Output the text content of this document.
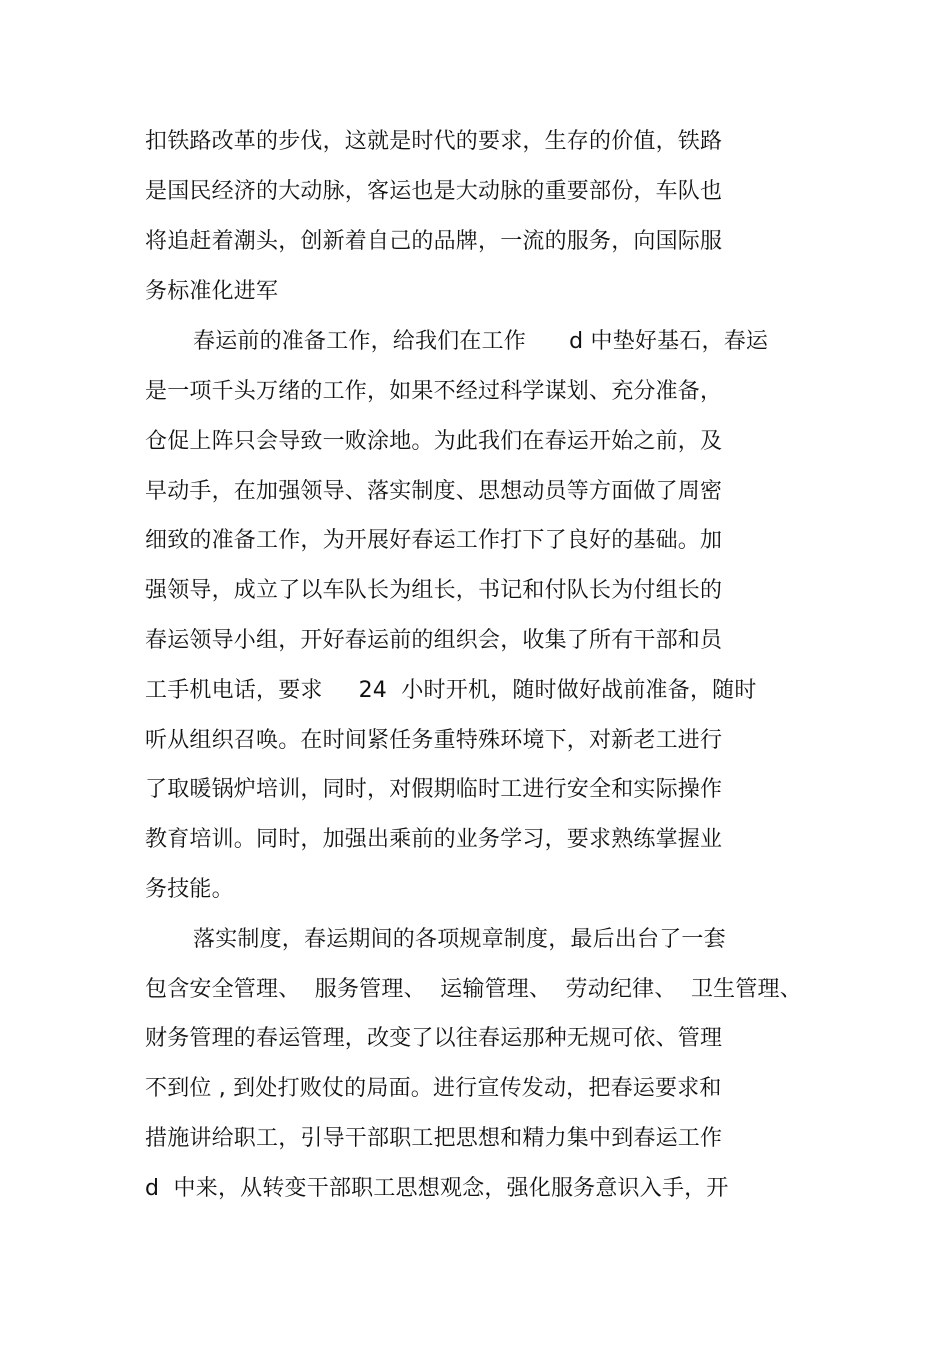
扣铁路改革的步伐，这就是时代的要求，生存的价值，铁路
是国民经济的大动脉，客运也是大动脉的重要部份，车队也
将追赶着潮头，创新着自己的品牌，一流的服务，向国际服
务标准化进军
春运前的准备工作，给我们在工作      d 中垫好基石，春运
是一项千头万绪的工作，如果不经过科学谋划、充分准备，
仓促上阵只会导致一败涂地。为此我们在春运开始之前，及
早动手，在加强领导、落实制度、思想动员等方面做了周密
细致的准备工作，为开展好春运工作打下了良好的基础。加
强领导，成立了以车队长为组长，书记和付队长为付组长的
春运领导小组，开好春运前的组织会，收集了所有干部和员
工手机电话，要求     24  小时开机，随时做好战前准备，随时
听从组织召唤。在时间紧任务重特殊环境下，对新老工进行
了取暖锅炉培训，同时，对假期临时工进行安全和实际操作
教育培训。同时，加强出乘前的业务学习，要求熟练掌握业
务技能。
落实制度，春运期间的各项规章制度，最后出台了一套
包含安全管理、  服务管理、  运输管理、  劳动纪律、  卫生管理、
财务管理的春运管理，改变了以往春运那种无规可依、管理
不到位 , 到处打败仗的局面。进行宣传发动，把春运要求和
措施讲给职工，引导干部职工把思想和精力集中到春运工作
d  中来，从转变干部职工思想观念，强化服务意识入手，开
